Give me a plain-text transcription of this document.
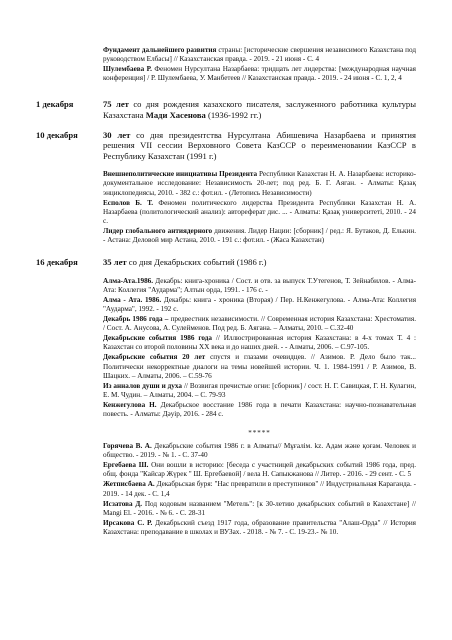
Фундамент дальнейшего развития страны: [исторические свершения независимого Казахстана под руководством Елбасы] // Казахстанская правда. - 2019. - 21 июня - С. 4
Шулембаева Р. Феномен Нурсултана Назарбаева: тридцать лет лидерства: [международная научная конференция] / Р. Шулембаева, У. Манбетеев // Казахстанская правда. - 2019. - 24 июня - С. 1, 2, 4
1 декабря	75 лет со дня рождения казахского писателя, заслуженного работника культуры Казахстана Мади Хасенова (1936-1992 гг.)
10 декабря	30 лет со дня президентства Нурсултана Абишевича Назарбаева и принятия решения VII сессии Верховного Совета КазССР о переименовании КазССР в Республику Казахстан (1991 г.)
Внешнеполитические инициативы Президента Республики Казахстан Н. А. Назарбаева: историко-документальное исследование: Независимость 20-лет; под ред. Б. Г. Аяган. - Алматы: Қазақ энциклопедиясы, 2010. - 382 с.: фот.ил. - (Летопись Независимости)
Есполов Б. Т. Феномен политического лидерства Президента Республики Казахстан Н. А. Назарбаева (политологический анализ): автореферат дис. ... - Алматы: Қазақ университеті, 2010. - 24 с.
Лидер глобального антиядерного движения. Лидер Нации: [сборник] / ред.: Я. Бутаков, Д. Елькин. - Астана: Деловой мир Астана, 2010. - 191 с.: фот.ил. - (Жаса Казахстан)
16 декабря	35 лет со дня Декабрьских событий (1986 г.)
Алма-Ата.1986. Декабрь: книга-хроника / Сост. и отв. за выпуск Т.Утегенов, Т. Зейнабилов. - Алма-Ата: Коллегия "Аударма"; Алтын орда, 1991. - 176 с. -
Алма - Ата. 1986. Декабрь: книга - хроника (Вторая) / Пер. Н.Кенжегулова. - Алма-Ата: Коллегия "Аударма", 1992. - 192 с.
Декабрь 1986 года – предвестник независимости. // Современная история Казахстана: Хрестоматия. / Сост. А. Анусова, А. Сулейменов. Под ред. Б. Аягана. – Алматы, 2010. – С.32-40
Декабрьские события 1986 года // Иллюстрированная история Казахстана: в 4-х томах Т. 4 : Казахстан со второй половины XX века и до наших дней. - - Алматы, 2006. – С.97-105.
Декабрьские события 20 лет спустя и глазами очевидцев. // Азимов. Р. Дело было так... Политически некорректные диалоги на темы новейшей истории. Ч. 1. 1984-1991 / Р. Азимов, В. Шацких. – Алматы, 2006. – С.59-76
Из анналов души и духа // Возвигая пречистые огни: [сборник] / сост. Н. Г. Савицкая, Г. Н. Кулагин, Е. М. Чудин. – Алматы, 2004. – С. 79-93
Кенжегулова Н. Декабрьское восстание 1986 года в печати Казахстана: научно-познавательная повесть. - Алматы: Дәуір, 2016. - 284 с.
*****
Горячева В. А. Декабрьские события 1986 г. в Алматы// Мұғалім. kz. Адам және қоғам. Человек и общество. - 2019. - № 1. - С. 37-40
Ергебаева Ш. Они вошли в историю: [беседа с участницей декабрьских событий 1986 года, пред. общ. фонда "Кайсар Жүрек " Ш. Ергебаевой] / вела Н. Сапыкжанова // Литер. - 2016. - 29 сент. - С. 5
Жетписбаева А. Декабрьская буря: "Нас превратили в преступников" // Индустриальная Караганда. - 2019. - 14 дек. - С. 1,4
Исзатова Д. Под кодовым названием "Метель": [к 30-летию декабрьских событий в Казахстане] // Mangi El. - 2016. - № 6. - С. 28-31
Ирсакова С. Р. Декабрьский съезд 1917 года, образование правительства "Алаш-Орда" // История Казахстана: преподавание в школах и ВУЗах. - 2018. - № 7. - С. 19-23.- № 10.
